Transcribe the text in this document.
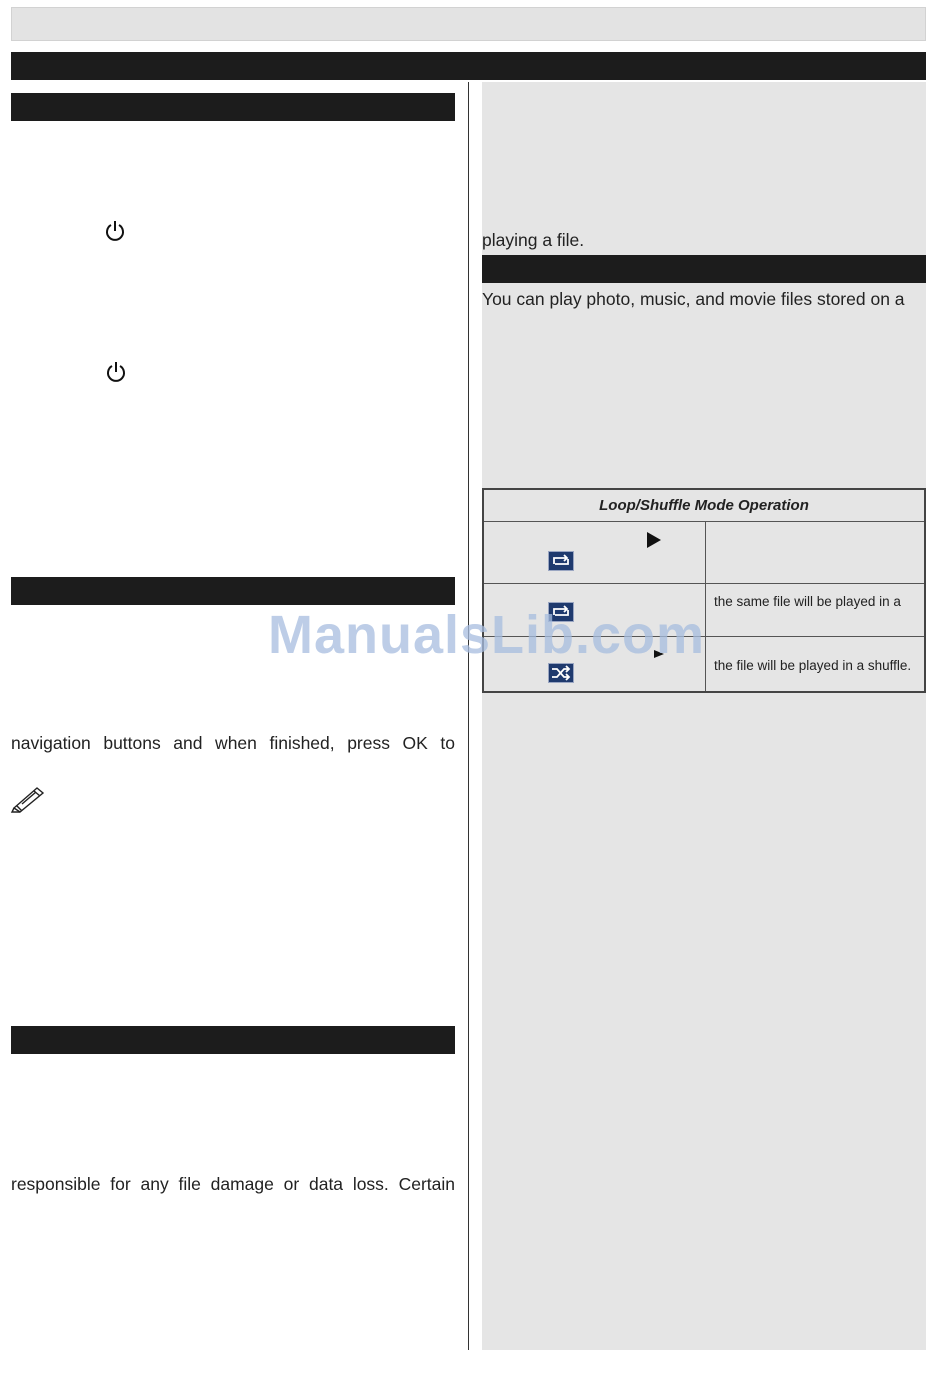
navigation buttons and when finished, press OK to
responsible for any file damage or data loss. Certain
playing a file.
You can play photo, music, and movie files stored on a
Loop/Shuffle Mode Operation
the same file will be played in a
the file will be played in a shuffle.
ManualsLib.com
